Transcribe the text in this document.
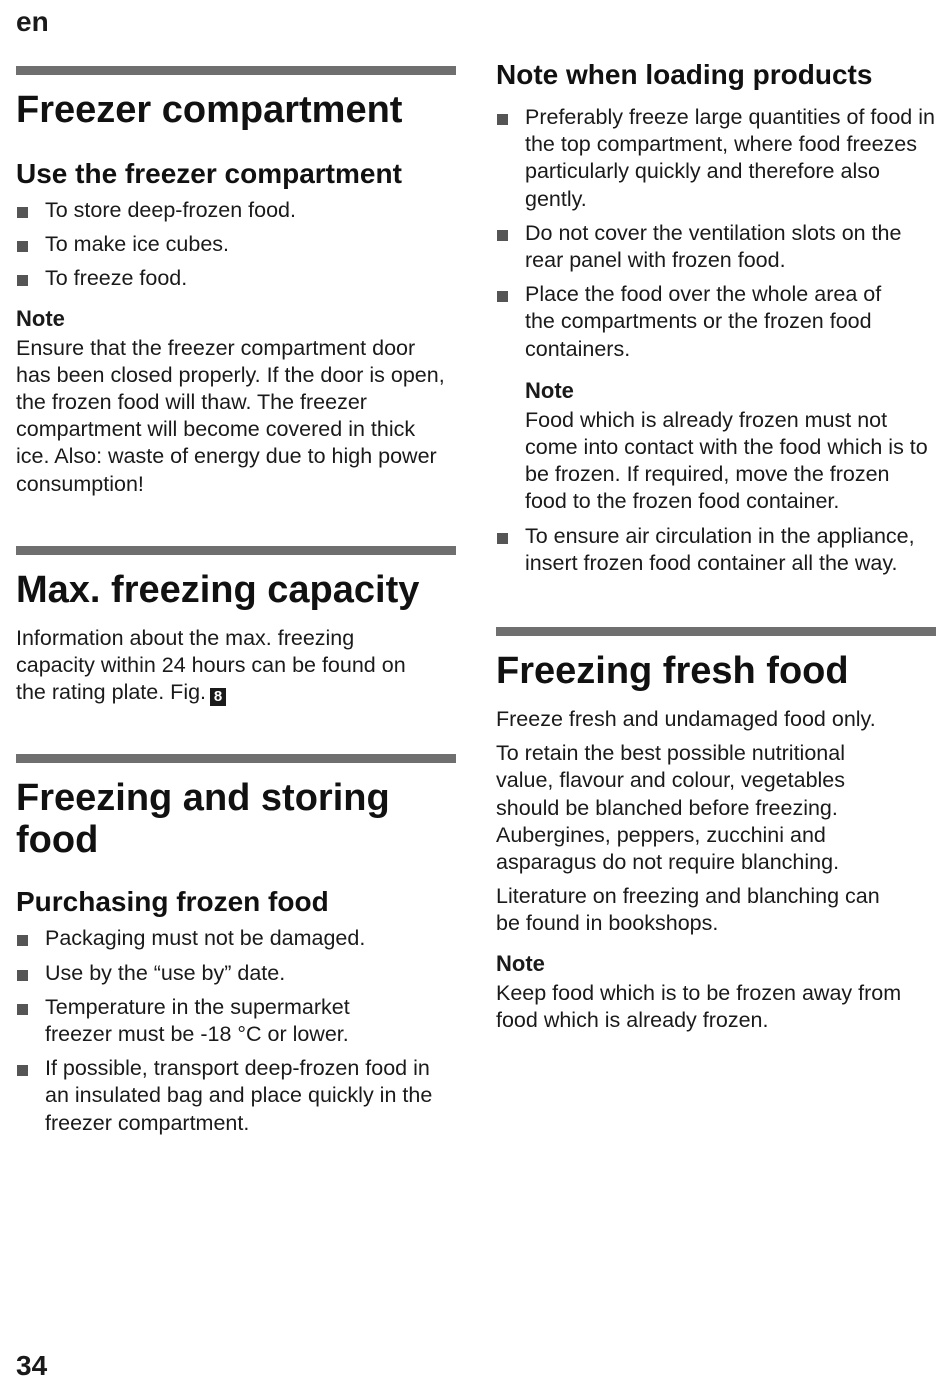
en
Freezer compartment
Use the freezer compartment
To store deep-frozen food.
To make ice cubes.
To freeze food.
Note

Ensure that the freezer compartment door has been closed properly. If the door is open, the frozen food will thaw. The freezer compartment will become covered in thick ice. Also: waste of energy due to high power consumption!

Max. freezing capacity

Information about the max. freezing capacity within 24 hours can be found on the rating plate. Fig. 8

Freezing and storing food
Purchasing frozen food
Packaging must not be damaged.
Use by the “use by” date.
Temperature in the supermarket freezer must be -18 °C or lower.
If possible, transport deep-frozen food in an insulated bag and place quickly in the freezer compartment.
Note when loading products
Preferably freeze large quantities of food in the top compartment, where food freezes particularly quickly and therefore also gently.
Do not cover the ventilation slots on the rear panel with frozen food.
Place the food over the whole area of the compartments or the frozen food containers.
Note

Food which is already frozen must not come into contact with the food which is to be frozen. If required, move the frozen food to the frozen food container.

To ensure air circulation in the appliance, insert frozen food container all the way.
Freezing fresh food

Freeze fresh and undamaged food only.

To retain the best possible nutritional value, flavour and colour, vegetables should be blanched before freezing. Aubergines, peppers, zucchini and asparagus do not require blanching.

Literature on freezing and blanching can be found in bookshops.

Note

Keep food which is to be frozen away from food which is already frozen.

34
